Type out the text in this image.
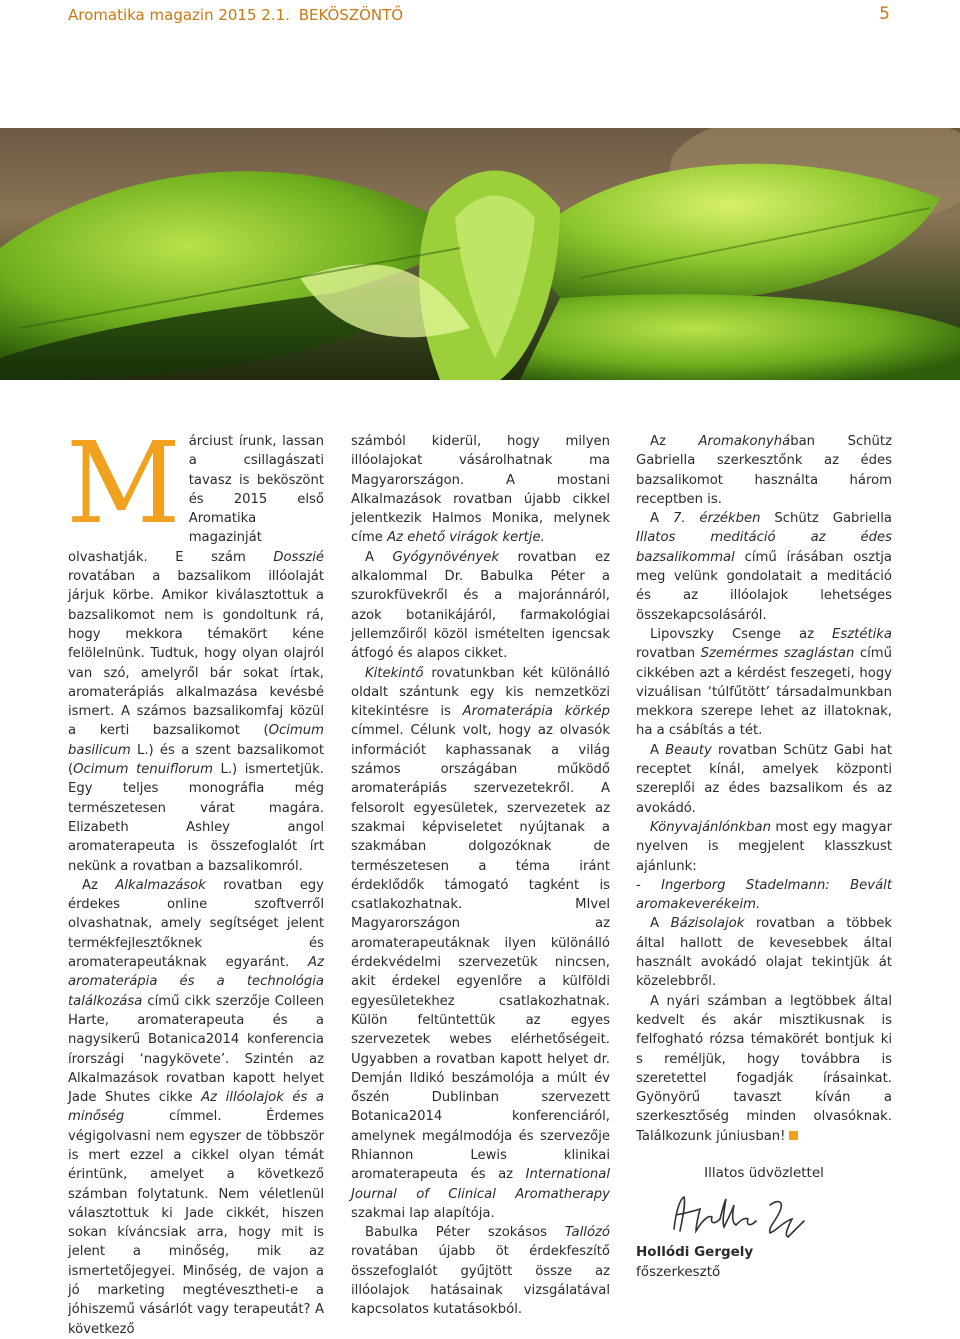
Aromatika magazin 2015 2.1. BEKÖSZÖNTŐ	5

Márciust írunk, lassan a csillagászati tavasz is beköszönt és 2015 első Aromatika magazinját olvashatják. E szám Dosszié rovatában a bazsalikom illóolaját járjuk körbe. Amikor kiválasztottuk a bazsalikomot nem is gondoltunk rá, hogy mekkora témakört kéne felölelnünk. Tudtuk, hogy olyan olajról van szó, amelyről bár sokat írtak, aromaterápiás alkalmazása kevésbé ismert. A számos bazsalikomfaj közül a kerti bazsalikomot (Ocimum basilicum L.) és a szent bazsalikomot (Ocimum tenuiflorum L.) ismertetjük. Egy teljes monográfia még természetesen várat magára. Elizabeth Ashley angol aromaterapeuta is összefoglalót írt nekünk a rovatban a bazsalikomról.

Az Alkalmazások rovatban egy érdekes online szoftverről olvashatnak, amely segítséget jelent termékfejlesztőknek és aromaterapeutáknak egyaránt. Az aromaterápia és a technológia találkozása című cikk szerzője Colleen Harte, aromaterapeuta és a nagysikerű Botanica2014 konferencia írországi ‘nagykövete’. Szintén az Alkalmazások rovatban kapott helyet Jade Shutes cikke Az illóolajok és a minőség címmel. Érdemes végigolvasni nem egyszer de többször is mert ezzel a cikkel olyan témát érintünk, amelyet a következő számban folytatunk. Nem véletlenül választottuk ki Jade cikkét, hiszen sokan kíváncsiak arra, hogy mit is jelent a minőség, mik az ismertetőjegyei. Minőség, de vajon a jó marketing megtévesztheti-e a jóhiszemű vásárlót vagy terapeutát? A következő

számból kiderül, hogy milyen illóolajokat vásárolhatnak ma Magyarországon. A mostani Alkalmazások rovatban újabb cikkel jelentkezik Halmos Monika, melynek címe Az ehető virágok kertje.

A Gyógynövények rovatban ez alkalommal Dr. Babulka Péter a szurokfüvekről és a majoránnáról, azok botanikájáról, farmakológiai jellemzőiről közöl ismételten igencsak átfogó és alapos cikket.

Kitekintő rovatunkban két különálló oldalt szántunk egy kis nemzetközi kitekintésre is Aromaterápia körkép címmel. Célunk volt, hogy az olvasók információt kaphassanak a világ számos országában működő aromaterápiás szervezetekről. A felsorolt egyesületek, szervezetek az szakmai képviseletet nyújtanak a szakmában dolgozóknak de természetesen a téma iránt érdeklődők támogató tagként is csatlakozhatnak. MIvel Magyarországon az aromaterapeutáknak ilyen különálló érdekvédelmi szervezetük nincsen, akit érdekel egyenlőre a külföldi egyesületekhez csatlakozhatnak. Külön feltüntettük az egyes szervezetek webes elérhetőségeit. Ugyabben a rovatban kapott helyet dr. Demján Ildikó beszámolója a múlt év őszén Dublinban szervezett Botanica2014 konferenciáról, amelynek megálmodója és szervezője Rhiannon Lewis klinikai aromaterapeuta és az International Journal of Clinical Aromatherapy szakmai lap alapítója.

Babulka Péter szokásos Tallózó rovatában újabb öt érdekfeszítő összefoglalót gyűjtött össze az illóolajok hatásainak vizsgálatával kapcsolatos kutatásokból.

Az Aromakonyhában Schütz Gabriella szerkesztőnk az édes bazsalikomot használta három receptben is.

A 7. érzékben Schütz Gabriella Illatos meditáció az édes bazsalikommal című írásában osztja meg velünk gondolatait a meditáció és az illóolajok lehetséges összekapcsolásáról.

Lipovszky Csenge az Esztétika rovatban Szemérmes szaglástan című cikkében azt a kérdést feszegeti, hogy vizuálisan ‘túlfűtött’ társadalmunkban mekkora szerepe lehet az illatoknak, ha a csábítás a tét.

A Beauty rovatban Schütz Gabi hat receptet kínál, amelyek központi szereplői az édes bazsalikom és az avokádó.

Könyvajánlónkban most egy magyar nyelven is megjelent klasszkust ajánlunk:

- Ingerborg Stadelmann: Bevált aromakeverékeim.

A Bázisolajok rovatban a többek által hallott de kevesebbek által használt avokádó olajat tekintjük át közelebbről.

A nyári számban a legtöbbek által kedvelt és akár misztikusnak is felfogható rózsa témakörét bontjuk ki s reméljük, hogy továbbra is szeretettel fogadják írásainkat. Gyönyörű tavaszt kíván a szerkesztőség minden olvasóknak. Találkozunk júniusban!

Illatos üdvözlettel
Hollódi Gergely
főszerkesztő
